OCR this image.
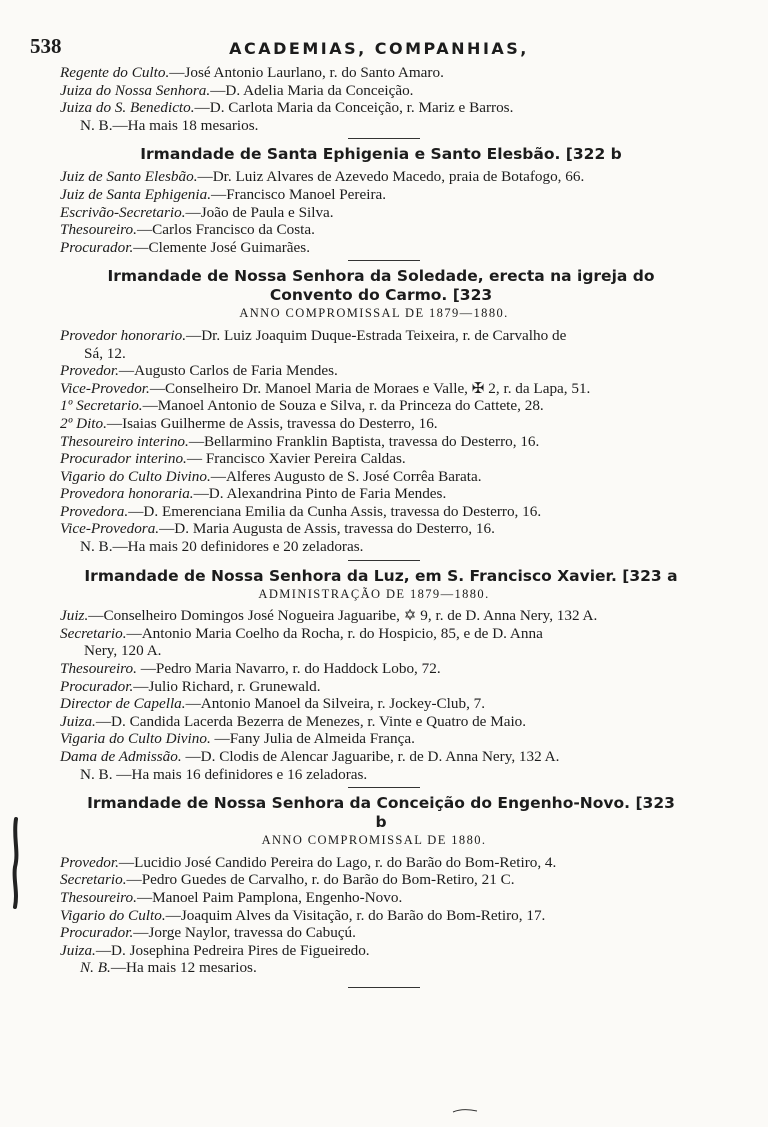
538	ACADEMIAS, COMPANHIAS,
Regente do Culto.—José Antonio Laurlano, r. do Santo Amaro.
Juiza do Nossa Senhora.—D. Adelia Maria da Conceição.
Juiza do S. Benedicto.—D. Carlota Maria da Conceição, r. Mariz e Barros.
N. B.—Ha mais 18 mesarios.
Irmandade de Santa Ephigenia e Santo Elesbão. [322 b
Juiz de Santo Elesbão.—Dr. Luiz Alvares de Azevedo Macedo, praia de Botafogo, 66.
Juiz de Santa Ephigenia.—Francisco Manoel Pereira.
Escrivão-Secretario.—João de Paula e Silva.
Thesoureiro.—Carlos Francisco da Costa.
Procurador.—Clemente José Guimarães.
Irmandade de Nossa Senhora da Soledade, erecta na igreja do Convento do Carmo. [323
ANNO COMPROMISSAL DE 1879—1880.
Provedor honorario.—Dr. Luiz Joaquim Duque-Estrada Teixeira, r. de Carvalho de
Sá, 12.
Provedor.—Augusto Carlos de Faria Mendes.
Vice-Provedor.—Conselheiro Dr. Manoel Maria de Moraes e Valle, ✠ 2, r. da Lapa, 51.
1º Secretario.—Manoel Antonio de Souza e Silva, r. da Princeza do Cattete, 28.
2º Dito.—Isaias Guilherme de Assis, travessa do Desterro, 16.
Thesoureiro interino.—Bellarmino Franklin Baptista, travessa do Desterro, 16.
Procurador interino.— Francisco Xavier Pereira Caldas.
Vigario do Culto Divino.—Alferes Augusto de S. José Corrêa Barata.
Provedora honoraria.—D. Alexandrina Pinto de Faria Mendes.
Provedora.—D. Emerenciana Emilia da Cunha Assis, travessa do Desterro, 16.
Vice-Provedora.—D. Maria Augusta de Assis, travessa do Desterro, 16.
N. B.—Ha mais 20 definidores e 20 zeladoras.
Irmandade de Nossa Senhora da Luz, em S. Francisco Xavier. [323 a
ADMINISTRAÇÃO DE 1879—1880.
Juiz.—Conselheiro Domingos José Nogueira Jaguaribe, ✡ 9, r. de D. Anna Nery, 132 A.
Secretario.—Antonio Maria Coelho da Rocha, r. do Hospicio, 85, e de D. Anna
Nery, 120 A.
Thesoureiro. —Pedro Maria Navarro, r. do Haddock Lobo, 72.
Procurador.—Julio Richard, r. Grunewald.
Director de Capella.—Antonio Manoel da Silveira, r. Jockey-Club, 7.
Juiza.—D. Candida Lacerda Bezerra de Menezes, r. Vinte e Quatro de Maio.
Vigaria do Culto Divino. —Fany Julia de Almeida França.
Dama de Admissão. —D. Clodis de Alencar Jaguaribe, r. de D. Anna Nery, 132 A.
N. B. —Ha mais 16 definidores e 16 zeladoras.
Irmandade de Nossa Senhora da Conceição do Engenho-Novo. [323 b
ANNO COMPROMISSAL DE 1880.
Provedor.—Lucidio José Candido Pereira do Lago, r. do Barão do Bom-Retiro, 4.
Secretario.—Pedro Guedes de Carvalho, r. do Barão do Bom-Retiro, 21 C.
Thesoureiro.—Manoel Paim Pamplona, Engenho-Novo.
Vigario do Culto.—Joaquim Alves da Visitação, r. do Barão do Bom-Retiro, 17.
Procurador.—Jorge Naylor, travessa do Cabuçú.
Juiza.—D. Josephina Pedreira Pires de Figueiredo.
N. B.—Ha mais 12 mesarios.
